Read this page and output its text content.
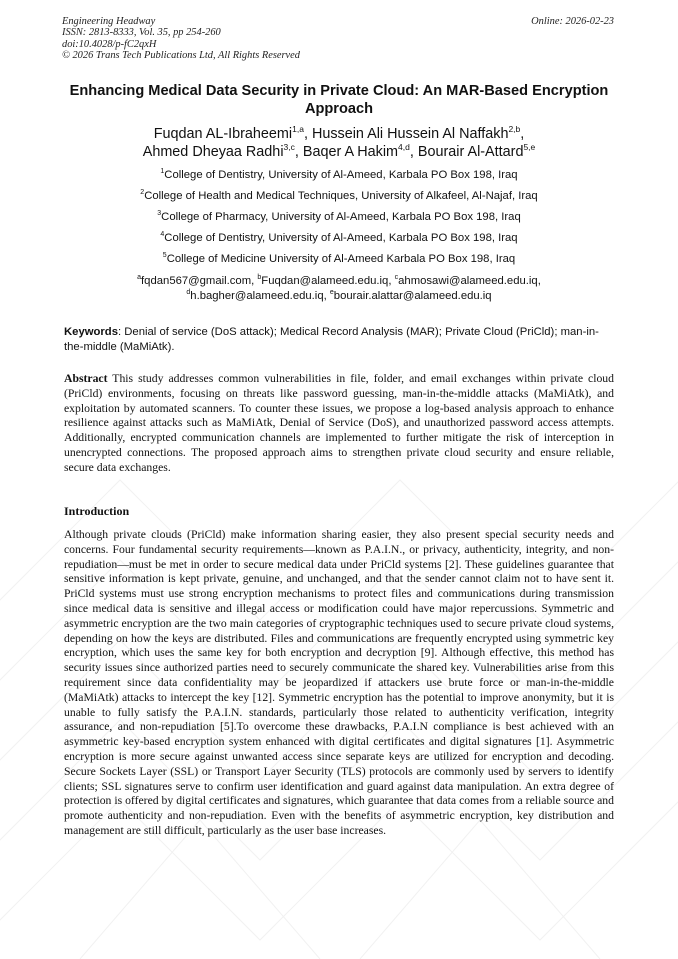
Engineering Headway
ISSN: 2813-8333, Vol. 35, pp 254-260
doi:10.4028/p-fC2qxH
© 2026 Trans Tech Publications Ltd, All Rights Reserved
Online: 2026-02-23
Enhancing Medical Data Security in Private Cloud: An MAR-Based Encryption Approach
Fuqdan AL-Ibraheemi$^{1,a}$, Hussein Ali Hussein Al Naffakh$^{2,b}$,
Ahmed Dheyaa Radhi$^{3,c}$, Baqer A Hakim$^{4,d}$, Bourair Al-Attard$^{5,e}$
$^1$College of Dentistry, University of Al-Ameed, Karbala PO Box 198, Iraq
$^2$College of Health and Medical Techniques, University of Alkafeel, Al-Najaf, Iraq
$^3$College of Pharmacy, University of Al-Ameed, Karbala PO Box 198, Iraq
$^4$College of Dentistry, University of Al-Ameed, Karbala PO Box 198, Iraq
$^5$College of Medicine University of Al-Ameed Karbala PO Box 198, Iraq
$^a$fqdan567@gmail.com, $^b$Fuqdan@alameed.edu.iq, $^c$ahmosawi@alameed.edu.iq,
$^d$h.bagher@alameed.edu.iq, $^e$bourair.alattar@alameed.edu.iq
Keywords: Denial of service (DoS attack); Medical Record Analysis (MAR); Private Cloud (PriCld); man-in-the-middle (MaMiAtk).

Abstract This study addresses common vulnerabilities in file, folder, and email exchanges within private cloud (PriCld) environments, focusing on threats like password guessing, man-in-the-middle attacks (MaMiAtk), and exploitation by automated scanners. To counter these issues, we propose a log-based analysis approach to enhance resilience against attacks such as MaMiAtk, Denial of Service (DoS), and unauthorized password access attempts. Additionally, encrypted communication channels are implemented to further mitigate the risk of interception in unencrypted connections. The proposed approach aims to strengthen private cloud security and ensure reliable, secure data exchanges.

Introduction

Although private clouds (PriCld) make information sharing easier, they also present special security needs and concerns. Four fundamental security requirements—known as P.A.I.N., or privacy, authenticity, integrity, and non-repudiation—must be met in order to secure medical data under PriCld systems [2]. These guidelines guarantee that sensitive information is kept private, genuine, and unchanged, and that the sender cannot claim not to have sent it. PriCld systems must use strong encryption mechanisms to protect files and communications during transmission since medical data is sensitive and illegal access or modification could have major repercussions. Symmetric and asymmetric encryption are the two main categories of cryptographic techniques used to secure private cloud systems, depending on how the keys are distributed. Files and communications are frequently encrypted using symmetric key encryption, which uses the same key for both encryption and decryption [9]. Although effective, this method has security issues since authorized parties need to securely communicate the shared key. Vulnerabilities arise from this requirement since data confidentiality may be jeopardized if attackers use brute force or man-in-the-middle (MaMiAtk) attacks to intercept the key [12]. Symmetric encryption has the potential to improve anonymity, but it is unable to fully satisfy the P.A.I.N. standards, particularly those related to authenticity verification, integrity assurance, and non-repudiation [5].To overcome these drawbacks, P.A.I.N compliance is best achieved with an asymmetric key-based encryption system enhanced with digital certificates and digital signatures [1]. Asymmetric encryption is more secure against unwanted access since separate keys are utilized for encryption and decoding. Secure Sockets Layer (SSL) or Transport Layer Security (TLS) protocols are commonly used by servers to identify clients; SSL signatures serve to confirm user identification and guard against data manipulation. An extra degree of protection is offered by digital certificates and signatures, which guarantee that data comes from a reliable source and promote authenticity and non-repudiation. Even with the benefits of asymmetric encryption, key distribution and management are still difficult, particularly as the user base increases.
